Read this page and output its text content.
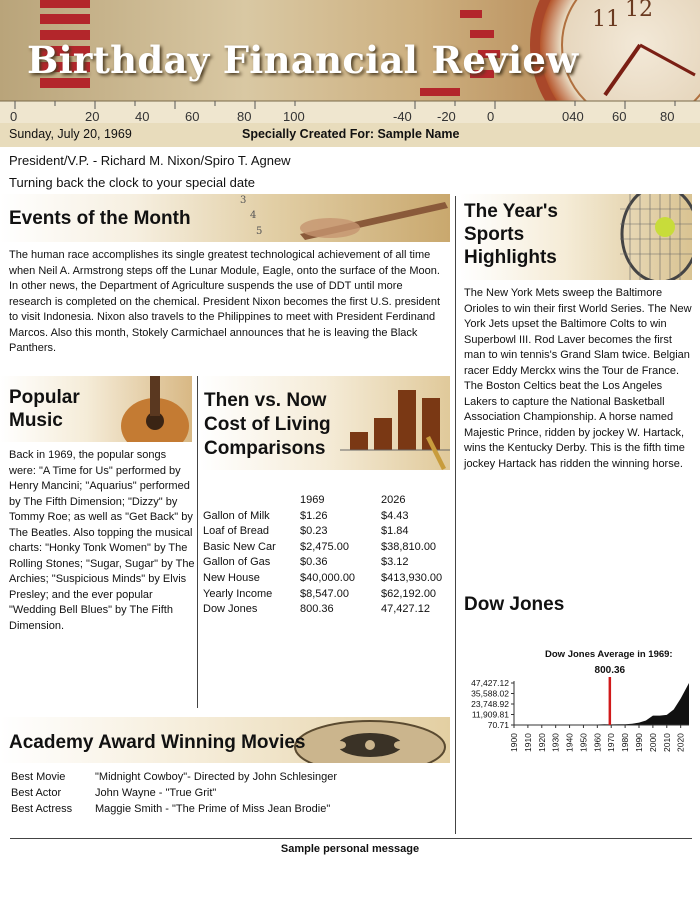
11 12
0	20	40	60	80 100	-40 -20 0	040 60	80
Birthday Financial Review
Sunday, July 20, 1969	Specially Created For: Sample Name
President/V.P. - Richard M. Nixon/Spiro T. Agnew
Turning back the clock to your special date
3
4
5
Events of the Month
The human race accomplishes its single greatest technological achievement of all time when Neil A. Armstrong steps off the Lunar Module, Eagle, onto the surface of the Moon. In other news, the Department of Agriculture suspends the use of DDT until more research is completed on the chemical. President Nixon becomes the first U.S. president to visit Indonesia. Nixon also travels to the Philippines to meet with President Ferdinand Marcos. Also this month, Stokely Carmichael announces that he is leaving the Black Panthers.
The Year's
Sports
Highlights
The New York Mets sweep the Baltimore Orioles to win their first World Series. The New York Jets upset the Baltimore Colts to win Superbowl III. Rod Laver becomes the first man to win tennis's Grand Slam twice. Belgian racer Eddy Merckx wins the Tour de France. The Boston Celtics beat the Los Angeles Lakers to capture the National Basketball Association Championship. A horse named Majestic Prince, ridden by jockey W. Hartack, wins the Kentucky Derby. This is the fifth time jockey Hartack has ridden the winning horse.
Popular
Music
Back in 1969, the popular songs were: "A Time for Us" performed by Henry Mancini; "Aquarius" performed by The Fifth Dimension; "Dizzy" by Tommy Roe; as well as "Get Back" by The Beatles. Also topping the musical charts: "Honky Tonk Women" by The Rolling Stones; "Sugar, Sugar" by The Archies; "Suspicious Minds" by Elvis Presley; and the ever popular "Wedding Bell Blues" by The Fifth Dimension.
Then vs. Now
Cost of Living
Comparisons
	1969	2026
Gallon of Milk	$1.26	$4.43
Loaf of Bread	$0.23	$1.84
Basic New Car	$2,475.00	$38,810.00
Gallon of Gas	$0.36	$3.12
New House	$40,000.00	$413,930.00
Yearly Income	$8,547.00	$62,192.00
Dow Jones	800.36	47,427.12 Dow Jones
Dow Jones Average in 1969:
70.71
11,909.81
23,748.92
35,588.02
47,427.12
1900 1910 1920 1930 1940 1950 1960 1970 1980 1990 2000 2010 2020
800.36
Academy Award Winning Movies
Best Movie	"Midnight Cowboy"- Directed by John Schlesinger
Best Actor	John Wayne - "True Grit"
Best Actress	Maggie Smith - "The Prime of Miss Jean Brodie"
Sample personal message
